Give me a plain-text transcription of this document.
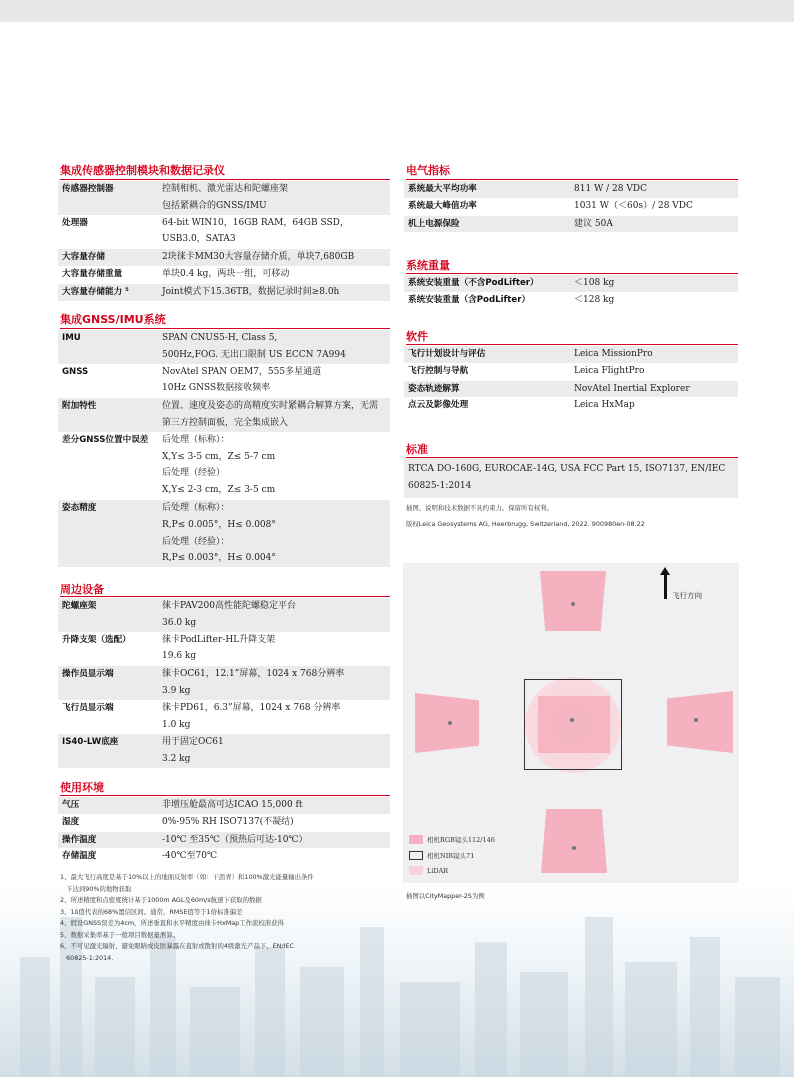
集成传感器控制模块和数据记录仪
传感器控制器	控制相机、激光雷达和陀螺座架
包括紧耦合的GNSS/IMU

处理器	64-bit WIN10，16GB RAM，64GB SSD，
USB3.0，SATA3

大容量存储	2块徕卡MM30大容量存储介质，单块7,680GB

大容量存储重量	单块0.4 kg，两块一组，可移动

大容量存储能力 ⁵	Joint模式下15.36TB，数据记录时间≥8.0h
集成GNSS/IMU系统
IMU	SPAN CNUS5-H, Class 5,
500Hz,FOG. 无出口限制 US ECCN 7A994

GNSS	NovAtel SPAN OEM7，555多星通道
10Hz GNSS数据接收频率

附加特性	位置、速度及姿态的高精度实时紧耦合解算方案，无需第三方控制面板，完全集成嵌入

差分GNSS位置中误差	后处理（标称）：
X,Y≤ 3-5 cm，Z≤ 5-7 cm
后处理（经验）
X,Y≤ 2-3 cm，Z≤ 3-5 cm

姿态精度	后处理（标称）：
R,P≤ 0.005°，H≤ 0.008°
后处理（经验）：
R,P≤ 0.003°，H≤ 0.004°
周边设备
陀螺座架	徕卡PAV200高性能陀螺稳定平台
36.0 kg

升降支架（选配）	徕卡PodLifter-HL升降支架
19.6 kg

操作员显示端	徕卡OC61，12.1”屏幕，1024 x 768分辨率
3.9 kg

飞行员显示端	徕卡PD61，6.3”屏幕，1024 x 768 分辨率
1.0 kg

IS40-LW底座	用于固定OC61
3.2 kg
使用环境
气压	非增压舱最高可达ICAO 15,000 ft

湿度	0%-95% RH ISO7137(不凝结)

操作温度	-10℃ 至35℃（预热后可达-10℃）

存储温度	-40℃至70℃
1、最大飞行高度是基于10%以上的地面反射率（如：干沥青）和100%激光能量输出条件
下达到90%的地物获取
2、所述精度和点密度统计基于1000m AGL及60m/s航速下获取的数据
3、1δ值代表的68%置信区间。通常，RMSE值等于1倍标准偏差
4、假设GNSS误差为4cm，所述垂直和水平精度由徕卡HxMap工作流校准获得
5、数据采集率基于一般项目数据量测算。
6、不可见激光辐射，避免眼睛或皮肤暴露在直射或散射的4级激光产品下，EN/IEC
60825-1:2014.
电气指标
系统最大平均功率	811 W / 28 VDC

系统最大峰值功率	1031 W（＜60s）/ 28 VDC

机上电源保险	建议 50A
系统重量
系统安装重量（不含PodLifter）	＜108 kg

系统安装重量（含PodLifter）	＜128 kg
软件
飞行计划设计与评估	Leica MissionPro

飞行控制与导航	Leica FlightPro

姿态轨迹解算	NovAtel Inertial Explorer

点云及影像处理	Leica HxMap
标准
RTCA DO-160G, EUROCAE-14G, USA FCC Part 15, ISO7137, EN/IEC 60825-1:2014
插图、说明和技术数据不具约束力。保留所有权利。
版权Leica Geosystems AG, Heerbrugg, Switzerland, 2022. 900980en-08.22
飞行方向
相机RGB镜头112/146
相机NIR镜头71
LiDAR
插图以CityMapper-2S为例
